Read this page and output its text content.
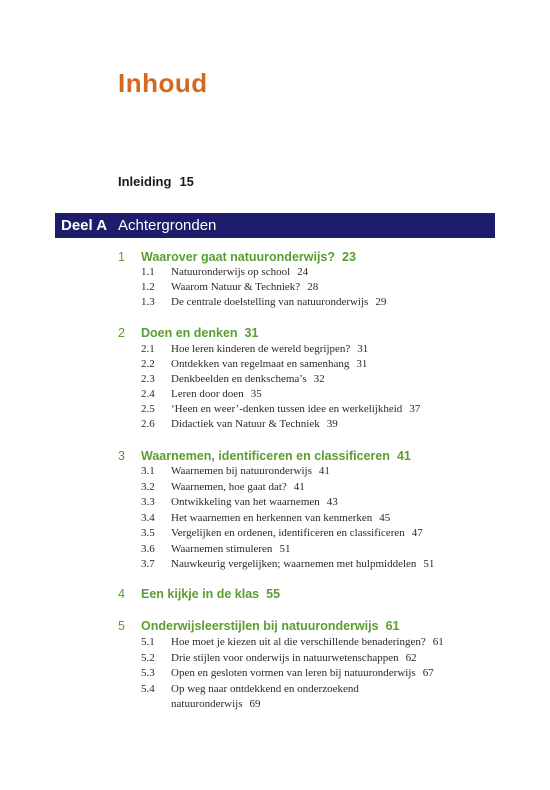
Inhoud
Inleiding 15
Deel A Achtergronden
1 Waarover gaat natuuronderwijs? 23
1.1 Natuuronderwijs op school 24
1.2 Waarom Natuur & Techniek? 28
1.3 De centrale doelstelling van natuuronderwijs 29
2 Doen en denken 31
2.1 Hoe leren kinderen de wereld begrijpen? 31
2.2 Ontdekken van regelmaat en samenhang 31
2.3 Denkbeelden en denkschema’s 32
2.4 Leren door doen 35
2.5 ‘Heen en weer’-denken tussen idee en werkelijkheid 37
2.6 Didactiek van Natuur & Techniek 39
3 Waarnemen, identificeren en classificeren 41
3.1 Waarnemen bij natuuronderwijs 41
3.2 Waarnemen, hoe gaat dat? 41
3.3 Ontwikkeling van het waarnemen 43
3.4 Het waarnemen en herkennen van kenmerken 45
3.5 Vergelijken en ordenen, identificeren en classificeren 47
3.6 Waarnemen stimuleren 51
3.7 Nauwkeurig vergelijken; waarnemen met hulpmiddelen 51
4 Een kijkje in de klas 55
5 Onderwijsleerstijlen bij natuuronderwijs 61
5.1 Hoe moet je kiezen uit al die verschillende benaderingen? 61
5.2 Drie stijlen voor onderwijs in natuurwetenschappen 62
5.3 Open en gesloten vormen van leren bij natuuronderwijs 67
5.4 Op weg naar ontdekkend en onderzoekend
natuuronderwijs 69
